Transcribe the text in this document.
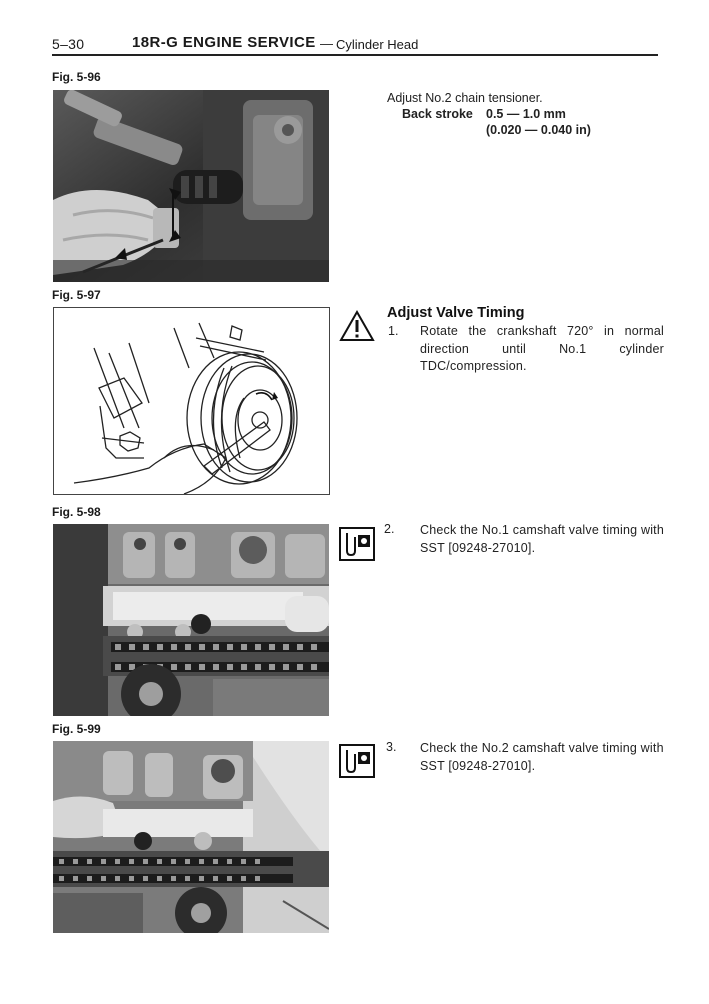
5–30	18R-G ENGINE SERVICE — Cylinder Head
Fig. 5-96
Adjust No.2 chain tensioner.
Back stroke 0.5 — 1.0 mm
(0.020 — 0.040 in)
Fig. 5-97
Adjust Valve Timing
1. Rotate the crankshaft 720° in normal direction until No.1 cylinder TDC/compression.
Fig. 5-98
2. Check the No.1 camshaft valve timing with SST [09248-27010].
Fig. 5-99
3. Check the No.2 camshaft valve timing with SST [09248-27010].
